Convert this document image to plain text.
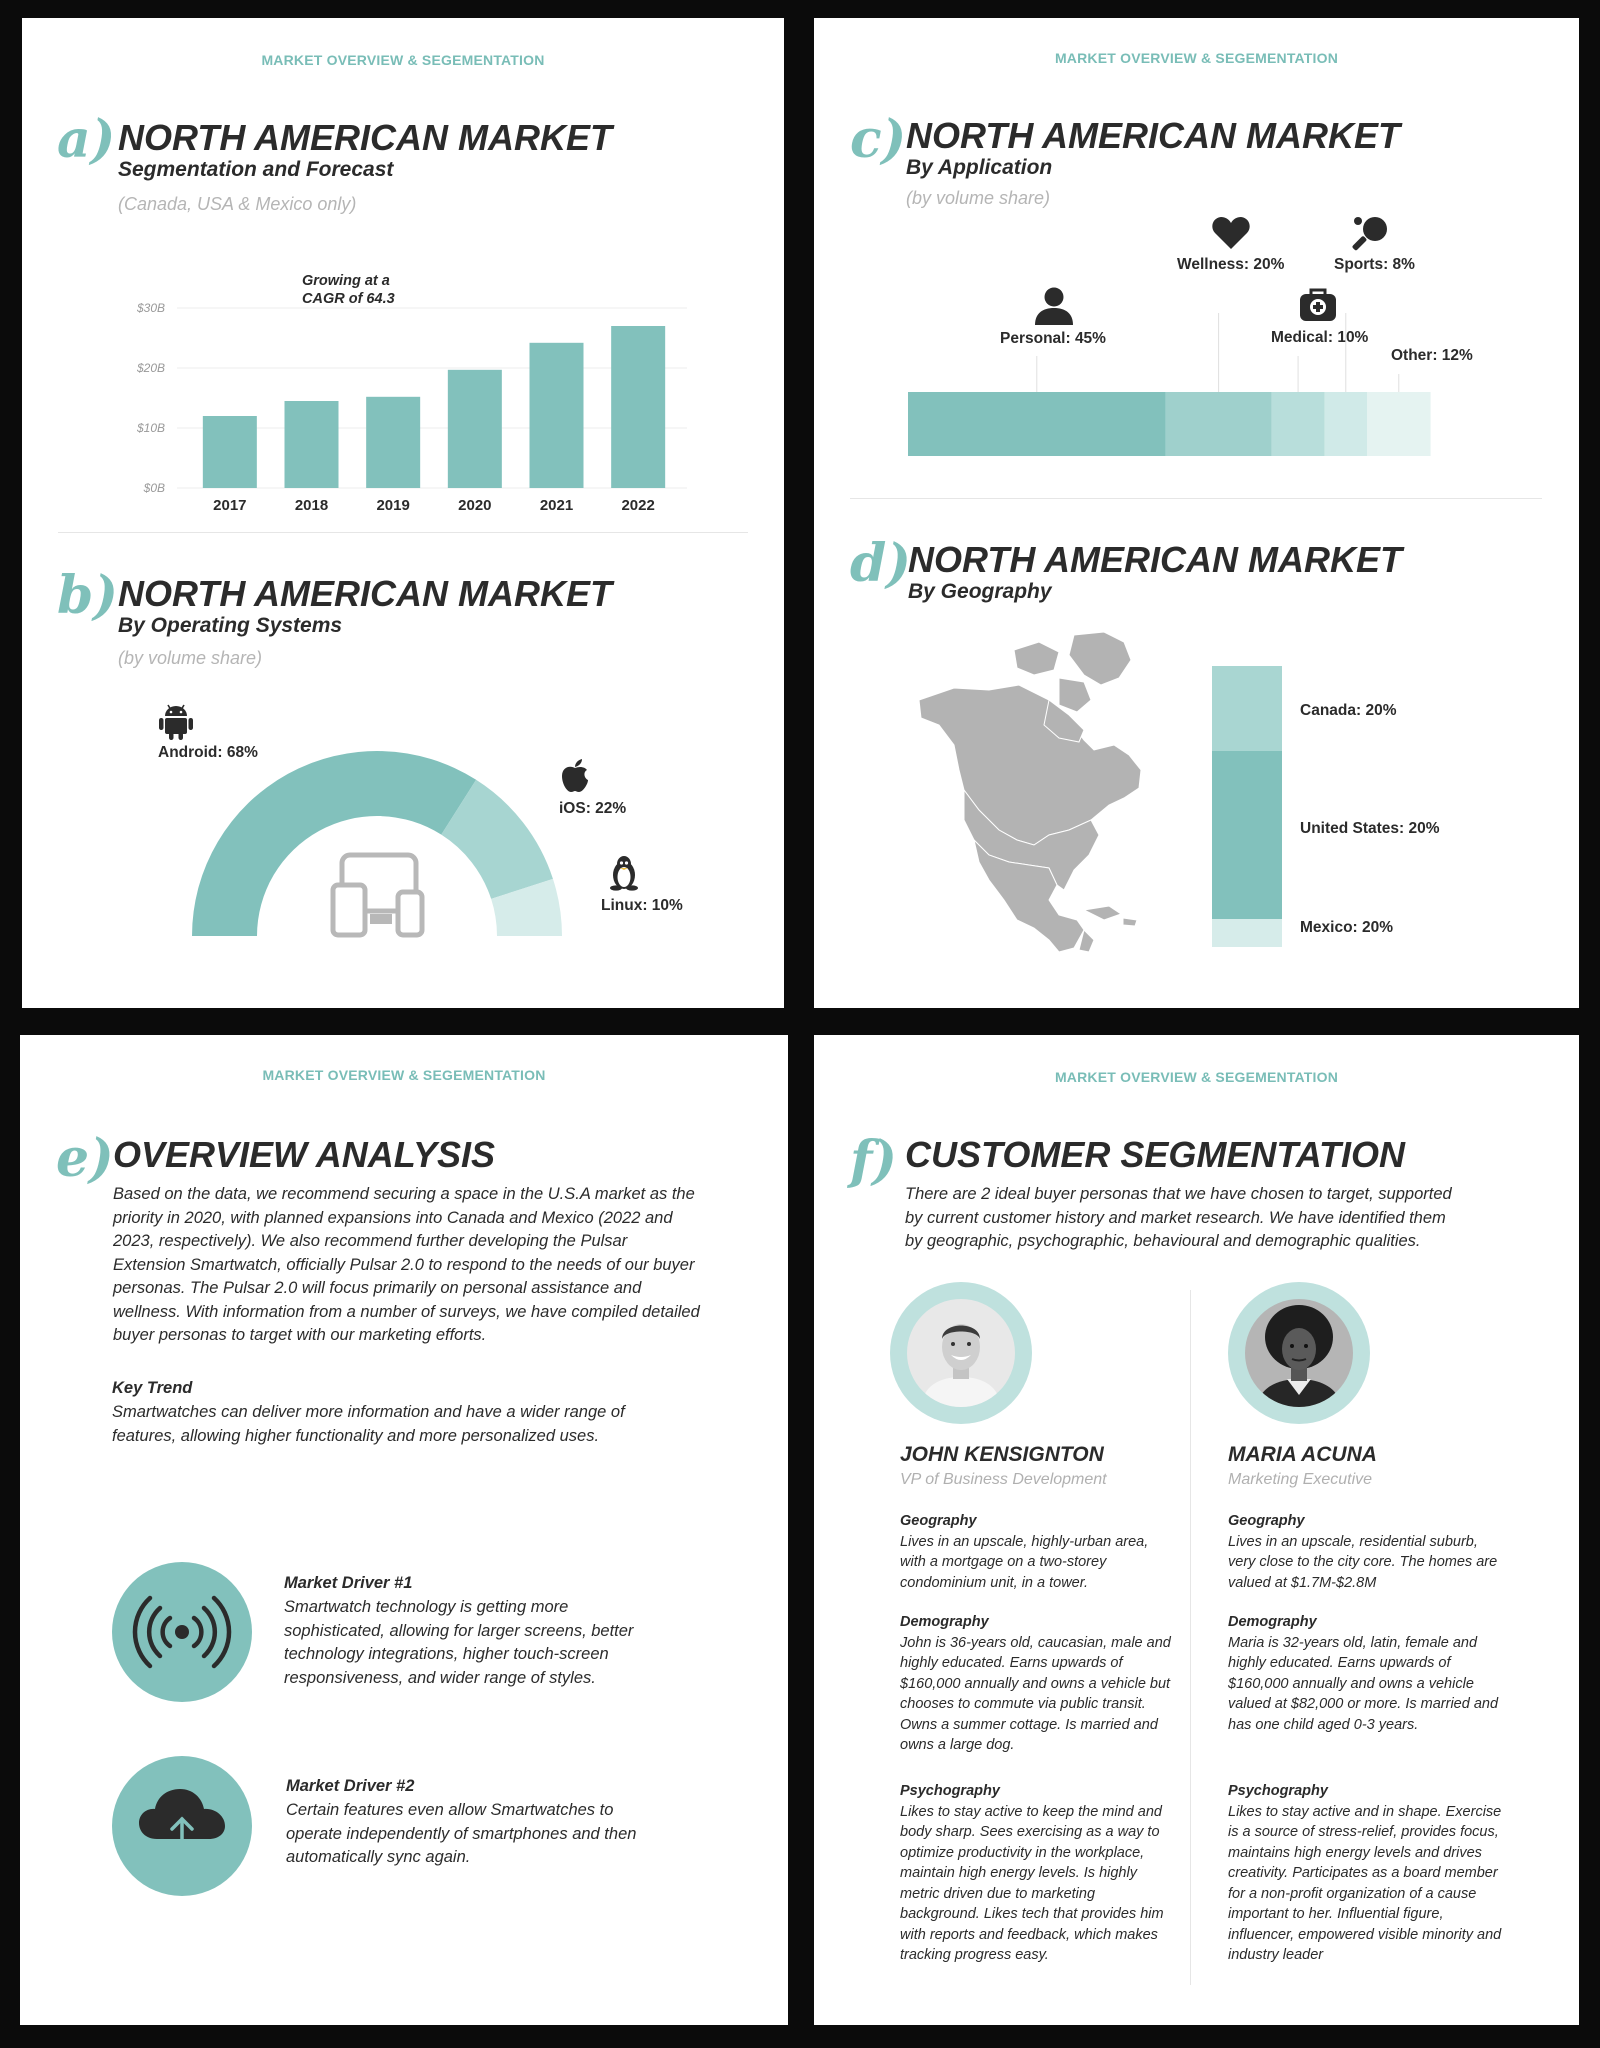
MARKET OVERVIEW & SEGEMENTATION
a) NORTH AMERICAN MARKET
Segmentation and Forecast
(Canada, USA & Mexico only)
$0B
$10B
$20B
$30B
2017	2018	2019	2020	2021	2022
Growing at a
CAGR of 64.3
b) NORTH AMERICAN MARKET
By Operating Systems
(by volume share)
Android: 68%
iOS: 22%
Linux: 10%
MARKET OVERVIEW & SEGEMENTATION
c) NORTH AMERICAN MARKET
By Application
(by volume share)
Personal: 45%
Wellness: 20%	Sports: 8%
Medical: 10%
Other: 12%
d)
NORTH AMERICAN MARKET
By Geography
Canada: 20%
United States: 20%
Mexico: 20%
MARKET OVERVIEW & SEGEMENTATION
e) OVERVIEW ANALYSIS
Based on the data, we recommend securing a space in the U.S.A market as the priority in 2020, with planned expansions into Canada and Mexico (2022 and 2023, respectively). We also recommend further developing the Pulsar Extension Smartwatch, officially Pulsar 2.0 to respond to the needs of our buyer personas. The Pulsar 2.0 will focus primarily on personal assistance and wellness. With information from a number of surveys, we have compiled detailed buyer personas to target with our marketing efforts.
Key Trend
Smartwatches can deliver more information and have a wider range of features, allowing higher functionality and more personalized uses.
Market Driver #1
Smartwatch technology is getting more sophisticated, allowing for larger screens, better technology integrations, higher touch-screen responsiveness, and wider range of styles.
Market Driver #2
Certain features even allow Smartwatches to operate independently of smartphones and then automatically sync again.
MARKET OVERVIEW & SEGEMENTATION
f) CUSTOMER SEGMENTATION
There are 2 ideal buyer personas that we have chosen to target, supported by current customer history and market research. We have identified them by geographic, psychographic, behavioural and demographic qualities.
JOHN KENSIGNTON
VP of Business Development
Geography
Lives in an upscale, highly-urban area, with a mortgage on a two-storey condominium unit, in a tower.
Demography
John is 36-years old, caucasian, male and highly educated. Earns upwards of $160,000 annually and owns a vehicle but chooses to commute via public transit. Owns a summer cottage. Is married and owns a large dog.
Psychography
Likes to stay active to keep the mind and body sharp. Sees exercising as a way to optimize productivity in the workplace, maintain high energy levels. Is highly metric driven due to marketing background. Likes tech that provides him with reports and feedback, which makes tracking progress easy.
MARIA ACUNA
Marketing Executive
Geography
Lives in an upscale, residential suburb, very close to the city core. The homes are valued at $1.7M-$2.8M
Demography
Maria is 32-years old, latin, female and highly educated. Earns upwards of $160,000 annually and owns a vehicle valued at $82,000 or more. Is married and has one child aged 0-3 years.
Psychography
Likes to stay active and in shape. Exercise is a source of stress-relief, provides focus, maintains high energy levels and drives creativity. Participates as a board member for a non-profit organization of a cause important to her. Influential figure, influencer, empowered visible minority and industry leader
